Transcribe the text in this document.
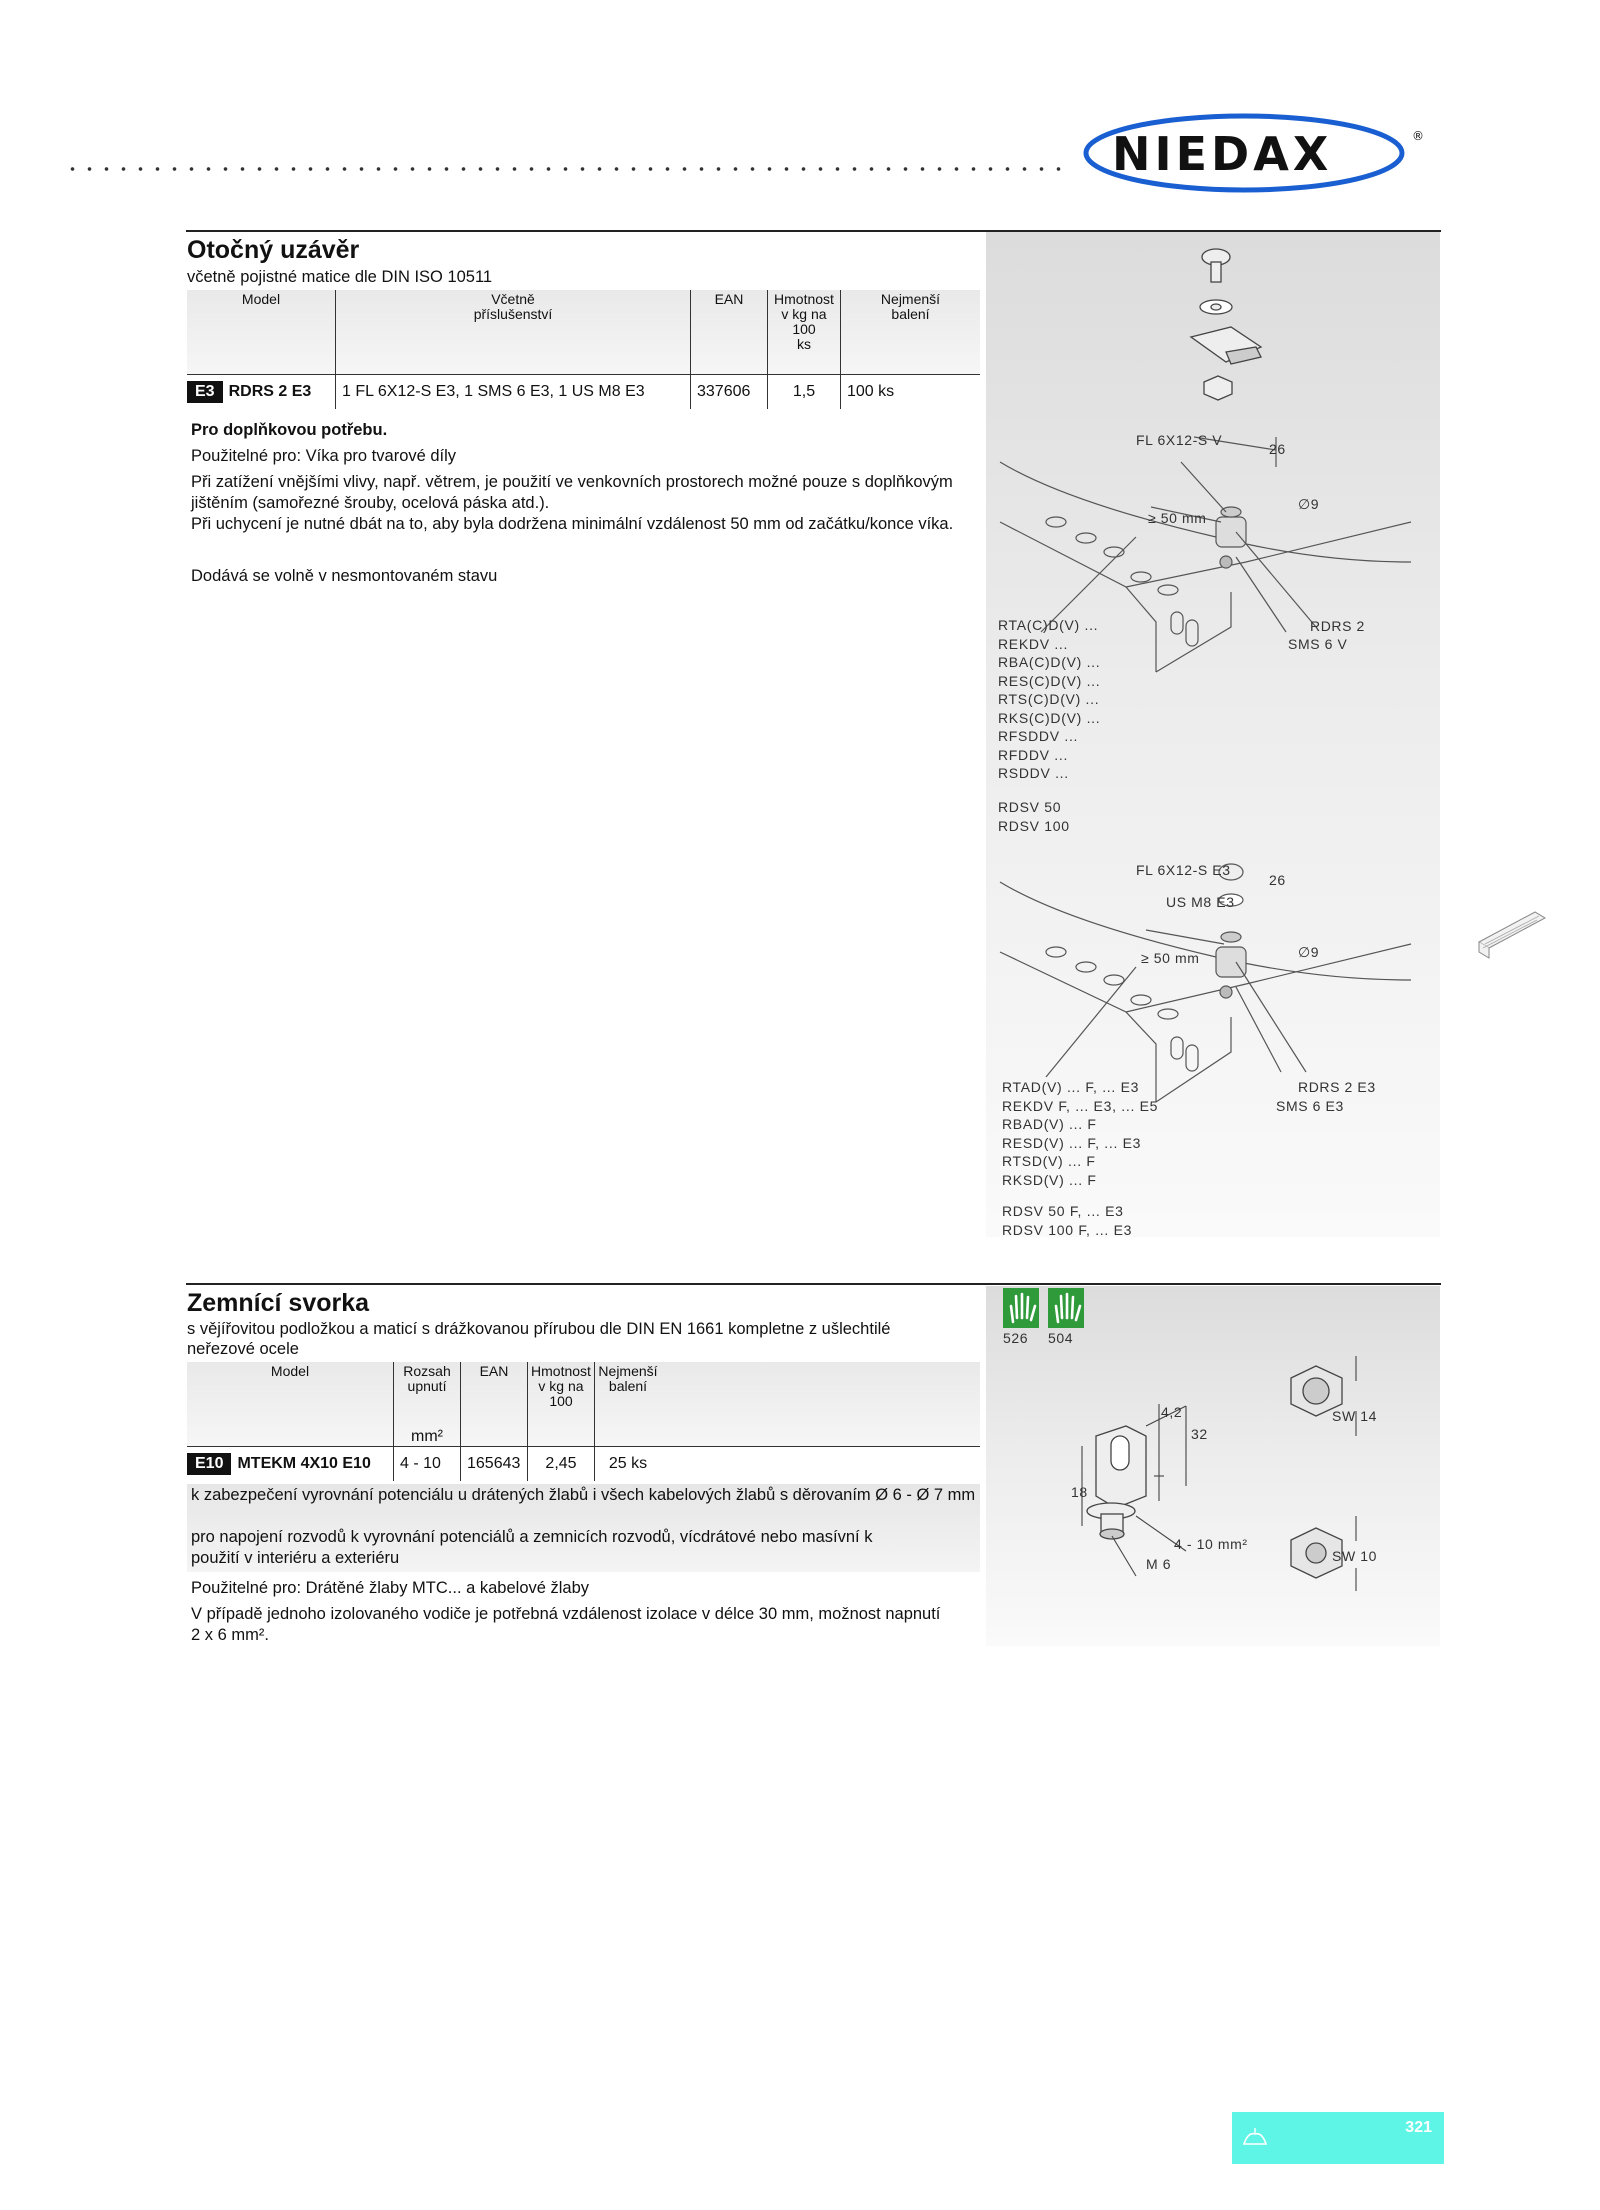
NIEDAX	®
Otočný uzávěr
včetně pojistné matice dle DIN ISO 10511
Model	Včetně
příslušenství	EAN	Hmotnost
v kg na
100
ks	Nejmenší
balení
E3 RDRS 2 E3	1 FL 6X12-S E3, 1 SMS 6 E3, 1 US M8 E3	337606	1,5	100 ks
Pro doplňkovou potřebu.
Použitelné pro: Víka pro tvarové díly
Při zatížení vnějšími vlivy, např. větrem, je použití ve venkovních prostorech možné pouze s doplňkovým jištěním (samořezné šrouby, ocelová páska atd.).
Při uchycení je nutné dbát na to, aby byla dodržena minimální vzdálenost 50 mm od začátku/konce víka.
Dodává se volně v nesmontovaném stavu
FL 6X12-S V
26
≥ 50 mm
∅9
RDRS 2
SMS 6 V
RTA(C)D(V) ...
REKDV ...
RBA(C)D(V) ...
RES(C)D(V) ...
RTS(C)D(V) ...
RKS(C)D(V) ...
RFSDDV ...
RFDDV ...
RSDDV ...
RDSV 50
RDSV 100
FL 6X12-S E3
26
US M8 E3
≥ 50 mm	∅9
RDRS 2 E3
SMS 6 E3
RTAD(V) ... F, ... E3
REKDV F, ... E3, ... E5
RBAD(V) ... F
RESD(V) ... F, ... E3
RTSD(V) ... F
RKSD(V) ... F
RDSV 50 F, ... E3
RDSV 100 F, ... E3
Zemnící svorka
s vějířovitou podložkou a maticí s drážkovanou přírubou dle DIN EN 1661 kompletne z ušlechtilé neřezové ocele
Model	Rozsah
upnutí
mm²	EAN	Hmotnost
v kg na
100	Nejmenší
balení	
E10 MTEKM 4X10 E10	4 - 10	165643	2,45	25 ks	
k zabezpečení vyrovnání potenciálu u drátených žlabů i všech kabelových žlabů s děrovaním Ø 6 - Ø 7 mm
pro napojení rozvodů k vyrovnání potenciálů a zemnicích rozvodů, vícdrátové nebo masívní k použití v interiéru a exteriéru
Použitelné pro: Drátěné žlaby MTC... a kabelové žlaby
V případě jednoho izolovaného vodiče je potřebná vzdálenost izolace v délce 30 mm, možnost napnutí 2 x 6 mm².
526 504
4,2
32
18
4 - 10 mm²
M 6
SW 14
SW 10
321
